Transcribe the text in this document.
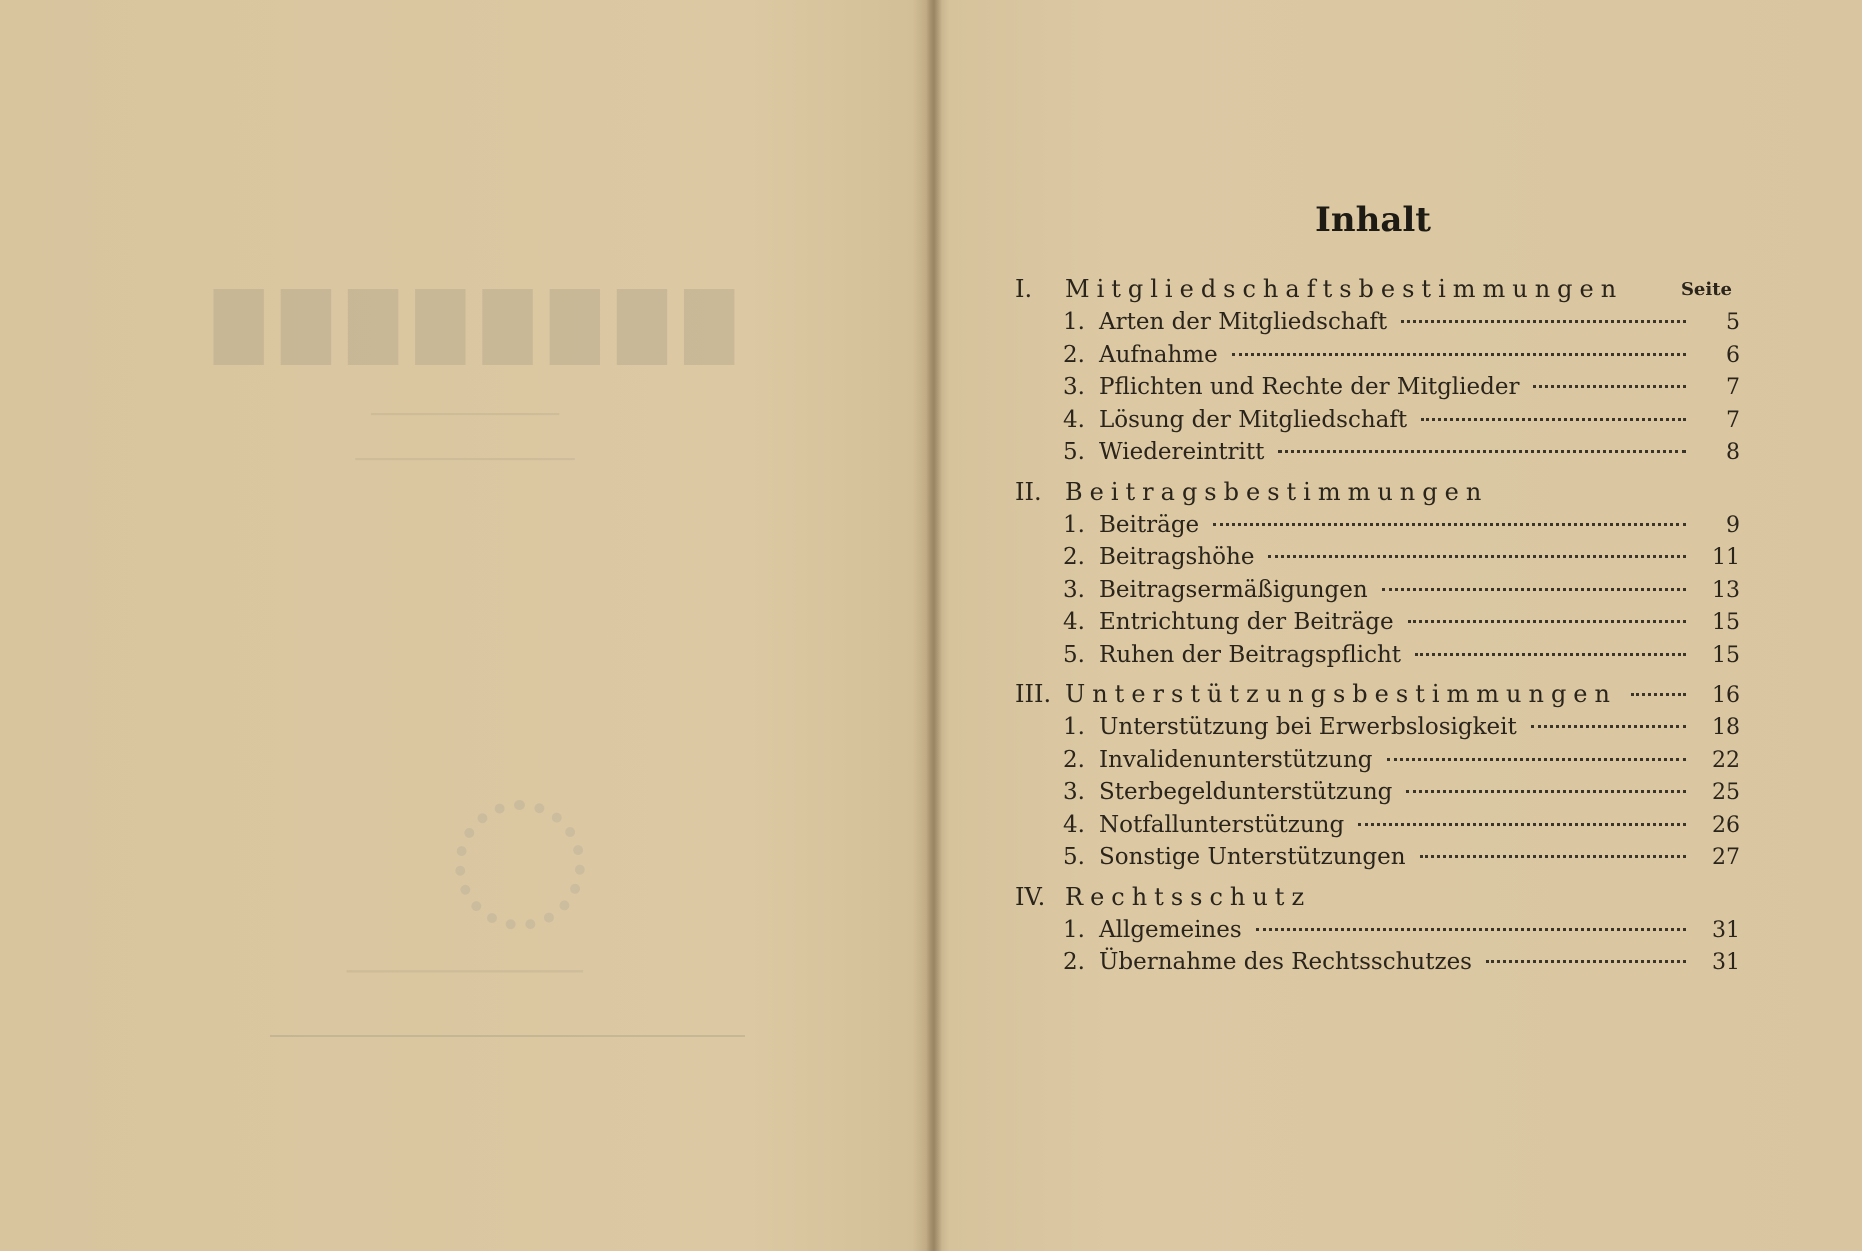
████████
────────────
──────────────
──────────────
Inhalt
I. Mitgliedschaftsbestimmungen	Seite
1. Arten der Mitgliedschaft	5
2. Aufnahme	6
3. Pflichten und Rechte der Mitglieder	7
4. Lösung der Mitgliedschaft	7
5. Wiedereintritt	8
II. Beitragsbestimmungen
1. Beiträge	9
2. Beitragshöhe	11
3. Beitragsermäßigungen	13
4. Entrichtung der Beiträge	15
5. Ruhen der Beitragspflicht	15
III. Unterstützungsbestimmungen	16
1. Unterstützung bei Erwerbslosigkeit	18
2. Invalidenunterstützung	22
3. Sterbegeldunterstützung	25
4. Notfallunterstützung	26
5. Sonstige Unterstützungen	27
IV. Rechtsschutz
1. Allgemeines	31
2. Übernahme des Rechtsschutzes	31
